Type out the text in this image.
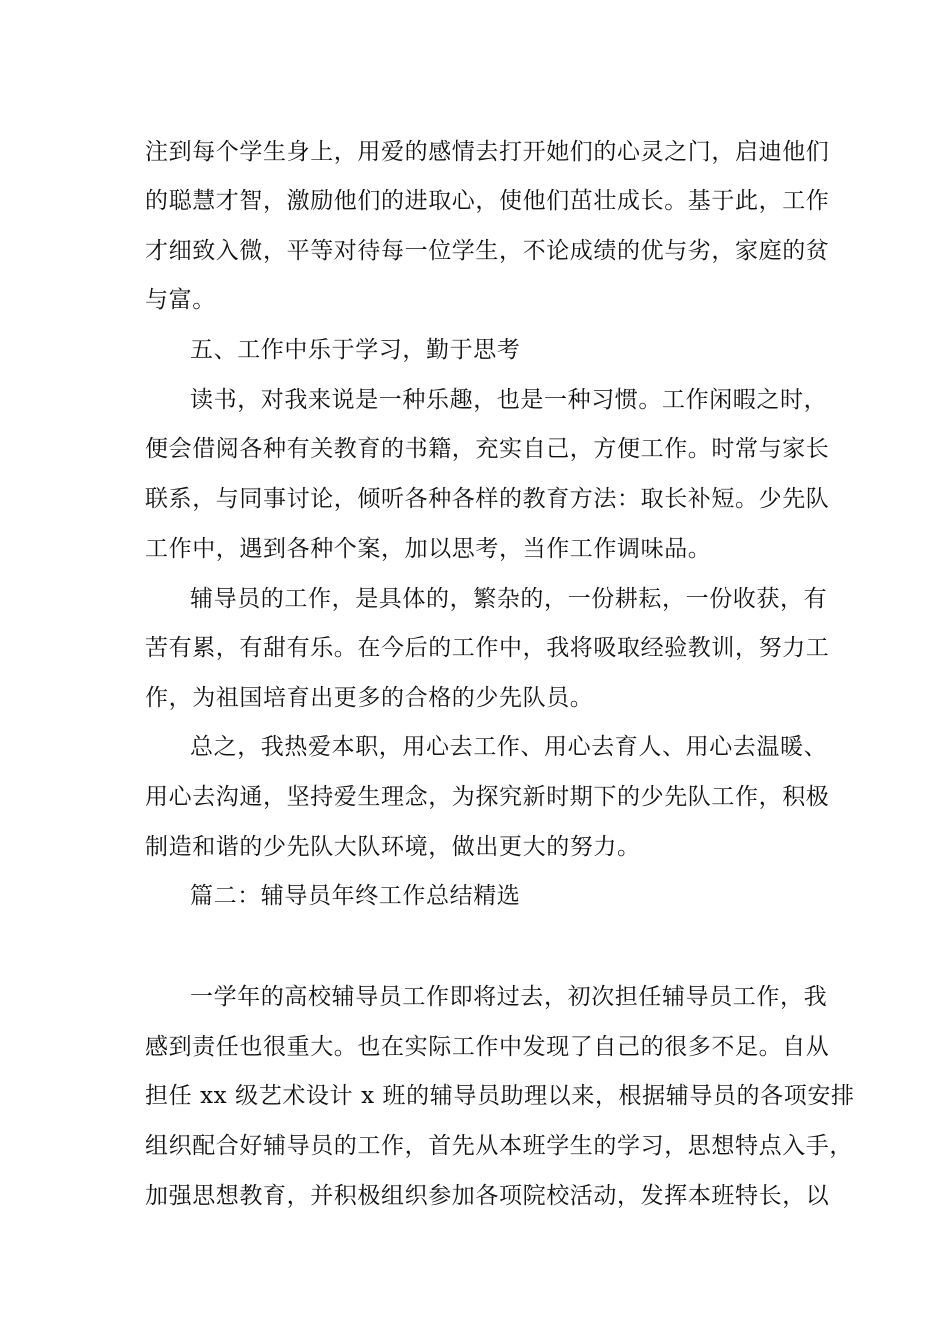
注到每个学生身上，用爱的感情去打开她们的心灵之门，启迪他们
的聪慧才智，激励他们的进取心，使他们茁壮成长。基于此，工作
才细致入微，平等对待每一位学生，不论成绩的优与劣，家庭的贫
与富。
五、工作中乐于学习，勤于思考
读书，对我来说是一种乐趣，也是一种习惯。工作闲暇之时，
便会借阅各种有关教育的书籍，充实自己，方便工作。时常与家长
联系，与同事讨论，倾听各种各样的教育方法：取长补短。少先队
工作中，遇到各种个案，加以思考，当作工作调味品。
辅导员的工作，是具体的，繁杂的，一份耕耘，一份收获，有
苦有累，有甜有乐。在今后的工作中，我将吸取经验教训，努力工
作，为祖国培育出更多的合格的少先队员。
总之，我热爱本职，用心去工作、用心去育人、用心去温暖、
用心去沟通，坚持爱生理念，为探究新时期下的少先队工作，积极
制造和谐的少先队大队环境，做出更大的努力。
篇二：辅导员年终工作总结精选
一学年的高校辅导员工作即将过去，初次担任辅导员工作，我
感到责任也很重大。也在实际工作中发现了自己的很多不足。自从
担任 xx 级艺术设计 x 班的辅导员助理以来，根据辅导员的各项安排
组织配合好辅导员的工作，首先从本班学生的学习，思想特点入手，
加强思想教育，并积极组织参加各项院校活动，发挥本班特长，以
